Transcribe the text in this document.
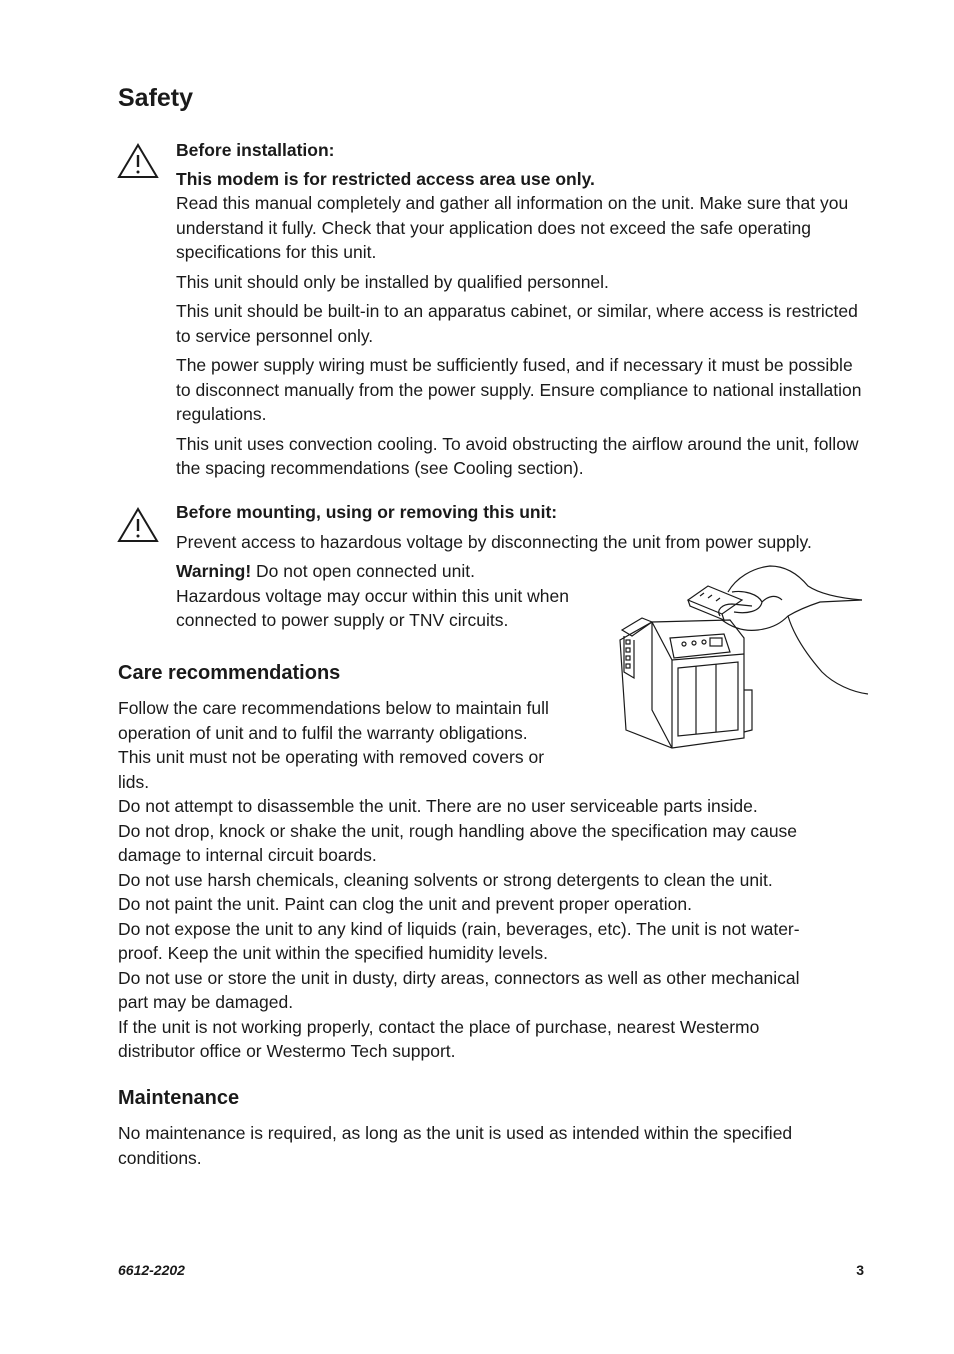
Safety

Before installation:

This modem is for restricted access area use only.

Read this manual completely and gather all information on the unit. Make sure that you understand it fully. Check that your application does not exceed the safe operating specifications for this unit.

This unit should only be installed by qualified personnel.

This unit should be built-in to an apparatus cabinet, or similar, where access is restricted to service personnel only.

The power supply wiring must be sufficiently fused, and if necessary it must be possible to disconnect manually from the power supply. Ensure compliance to national installation regulations.

This unit uses convection cooling. To avoid obstructing the airflow around the unit, follow the spacing recommendations (see Cooling section).

Before mounting, using or removing this unit:

Prevent access to hazardous voltage by disconnecting the unit from power supply.

Warning! Do not open connected unit.

Hazardous voltage may occur within this unit when

connected to power supply or TNV circuits.

Care recommendations

Follow the care recommendations below to maintain full

operation of unit and to fulfil the warranty obligations.

This unit must not be operating with removed covers or

lids.

Do not attempt to disassemble the unit. There are no user serviceable parts inside.

Do not drop, knock or shake the unit, rough handling above the specification may cause

damage to internal circuit boards.

Do not use harsh chemicals, cleaning solvents or strong detergents to clean the unit.

Do not paint the unit. Paint can clog the unit and prevent proper operation.

Do not expose the unit to any kind of liquids (rain, beverages, etc). The unit is not water-

proof. Keep the unit within the specified humidity levels.

Do not use or store the unit in dusty, dirty areas, connectors as well as other mechanical

part may be damaged.

If the unit is not working properly, contact the place of purchase, nearest Westermo

distributor office or Westermo Tech support.

Maintenance

No maintenance is required, as long as the unit is used as intended within the specified conditions.

6612-2202	3
